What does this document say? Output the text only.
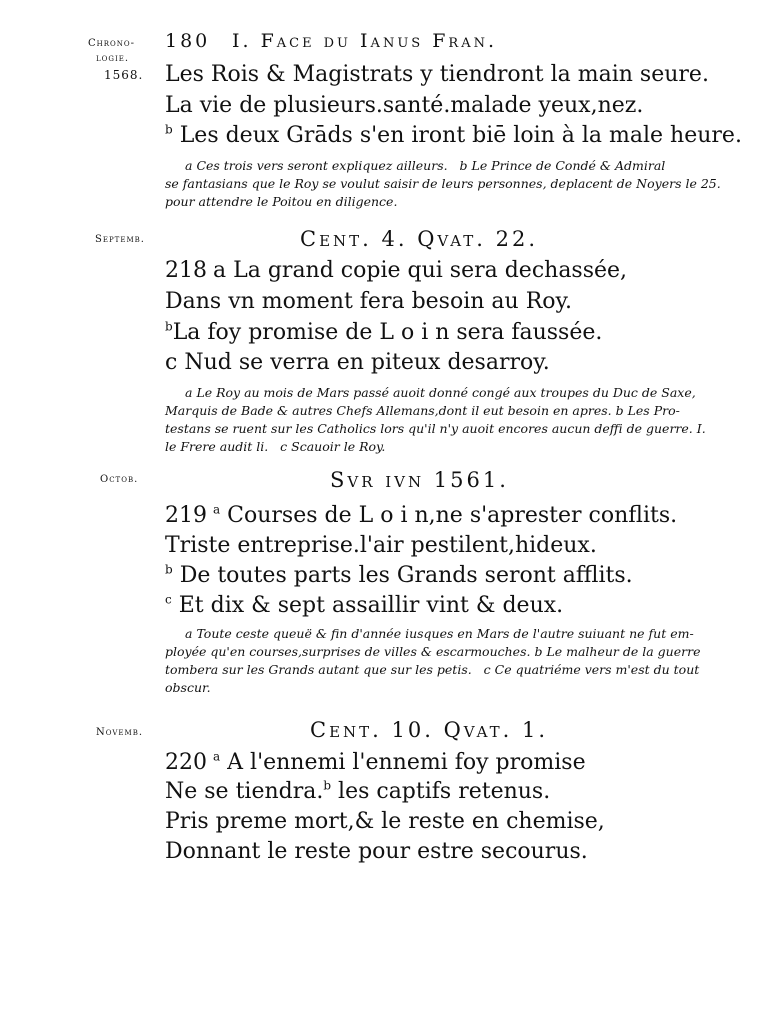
Chrono-
logie.
1568.
Septemb.
Octob.
Novemb.
180 I. Face du Ianus Fran.
Les Rois & Magistrats y tiendront la main seure.
La vie de plusieurs.santé.malade yeux,nez.
$^b$ Les deux Grāds s'en iront biē loin à la male heure.
a Ces trois vers seront expliquez ailleurs. b Le Prince de Condé & Admiral
se fantasians que le Roy se voulut saisir de leurs personnes, deplacent de Noyers le 25.
pour attendre le Poitou en diligence.
Cent. 4. Qvat. 22.
218 a La grand copie qui sera dechassée,
Dans vn moment fera besoin au Roy.
$^b$La foy promise de L o i n sera faussée.
c Nud se verra en piteux desarroy.
a Le Roy au mois de Mars passé auoit donné congé aux troupes du Duc de Saxe,
Marquis de Bade & autres Chefs Allemans,dont il eut besoin en apres. b Les Pro-
testans se ruent sur les Catholics lors qu'il n'y auoit encores aucun deffi de guerre. I.
le Frere audit li. c Scauoir le Roy.
Svr ivn 1561.
219 $^a$ Courses de L o i n,ne s'aprester conflits.
Triste entreprise.l'air pestilent,hideux.
$^b$ De toutes parts les Grands seront afflits.
$^c$ Et dix & sept assaillir vint & deux.
a Toute ceste queuë & fin d'année iusques en Mars de l'autre suiuant ne fut em-
ployée qu'en courses,surprises de villes & escarmouches. b Le malheur de la guerre
tombera sur les Grands autant que sur les petis. c Ce quatriéme vers m'est du tout
obscur.
Cent. 10. Qvat. 1.
220 $^a$ A l'ennemi l'ennemi foy promise
Ne se tiendra.$^b$ les captifs retenus.
Pris preme mort,& le reste en chemise,
Donnant le reste pour estre secourus.
